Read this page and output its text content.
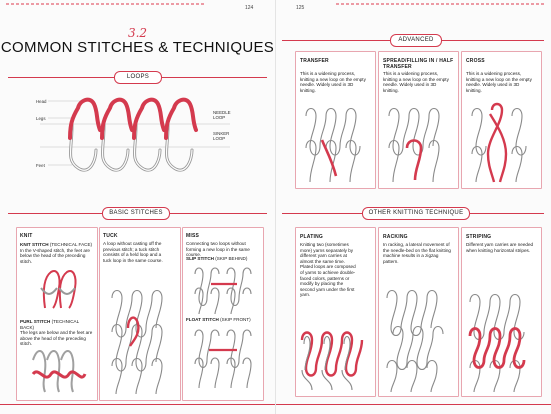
124
3.2
COMMON STITCHES & TECHNIQUES
LOOPS
Head
Legs
Feet
NEEDLE
LOOP
SINKER
LOOP
BASIC STITCHES
KNIT
KNIT STITCH (TECHNICAL FACE)
In the V-shaped stitch, the feet are below the head of the preceding stitch.
PURL STITCH (TECHNICAL BACK)
The legs are below and the feet are above the head of the preceding stitch.
TUCK
A loop without casting off the previous stitch; a tuck stitch consists of a held loop and a tuck loop in the same course.
MISS
Connecting two loops without forming a new loop in the same course.
SLIP STITCH (SKIP BEHIND)
FLOAT STITCH (SKIP FRONT)
125
ADVANCED
TRANSFER
This is a widening process, knitting a new loop on the empty needle. Widely used in 3D knitting.
SPREAD/FILLING IN / HALF TRANSFER
This is a widening process, knitting a new loop on the empty needle. Widely used in 3D knitting.
CROSS
This is a widening process, knitting a new loop on the empty needle. Widely used in 3D knitting.
OTHER KNITTING TECHNIQUE
PLATING
Knitting two (sometimes more) yarns separately by different yarn carries at almost the same time. Plated loops are composed of yarns to achieve double-faced colors, patterns or modify by placing the second yarn under the first yarn.
RACKING
In racking, a lateral movement of the needle-bed on the flat knitting machine results in a zigzag pattern.
STRIPING
Different yarn carries are needed when knitting horizontal stripes.
